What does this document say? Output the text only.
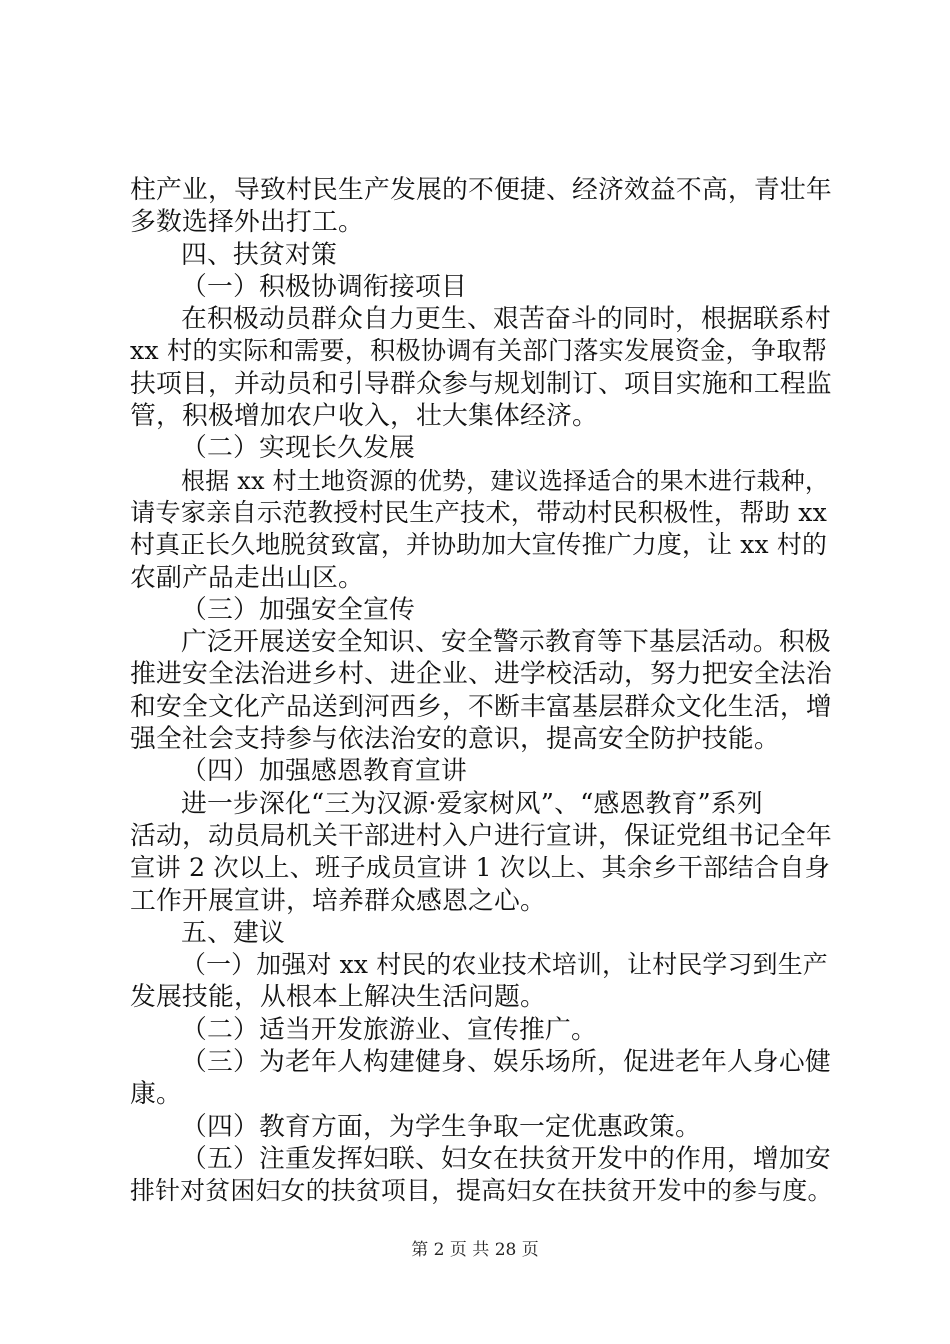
柱产业，导致村民生产发展的不便捷、经济效益不高，青壮年
多数选择外出打工。
四、扶贫对策
（一）积极协调衔接项目
在积极动员群众自力更生、艰苦奋斗的同时，根据联系村
xx 村的实际和需要，积极协调有关部门落实发展资金，争取帮
扶项目，并动员和引导群众参与规划制订、项目实施和工程监
管，积极增加农户收入，壮大集体经济。
（二）实现长久发展
根据 xx 村土地资源的优势，建议选择适合的果木进行栽种，
请专家亲自示范教授村民生产技术，带动村民积极性，帮助 xx
村真正长久地脱贫致富，并协助加大宣传推广力度，让 xx 村的
农副产品走出山区。
（三）加强安全宣传
广泛开展送安全知识、安全警示教育等下基层活动。积极
推进安全法治进乡村、进企业、进学校活动，努力把安全法治
和安全文化产品送到河西乡，不断丰富基层群众文化生活，增
强全社会支持参与依法治安的意识，提高安全防护技能。
（四）加强感恩教育宣讲
进一步深化“三为汉源·爱家树风”、“感恩教育”系列
活动，动员局机关干部进村入户进行宣讲，保证党组书记全年
宣讲 2 次以上、班子成员宣讲 1 次以上、其余乡干部结合自身
工作开展宣讲，培养群众感恩之心。
五、建议
（一）加强对 xx 村民的农业技术培训，让村民学习到生产
发展技能，从根本上解决生活问题。
（二）适当开发旅游业、宣传推广。
（三）为老年人构建健身、娱乐场所，促进老年人身心健
康。
（四）教育方面，为学生争取一定优惠政策。
（五）注重发挥妇联、妇女在扶贫开发中的作用，增加安
排针对贫困妇女的扶贫项目，提高妇女在扶贫开发中的参与度。
第 2 页 共 28 页
